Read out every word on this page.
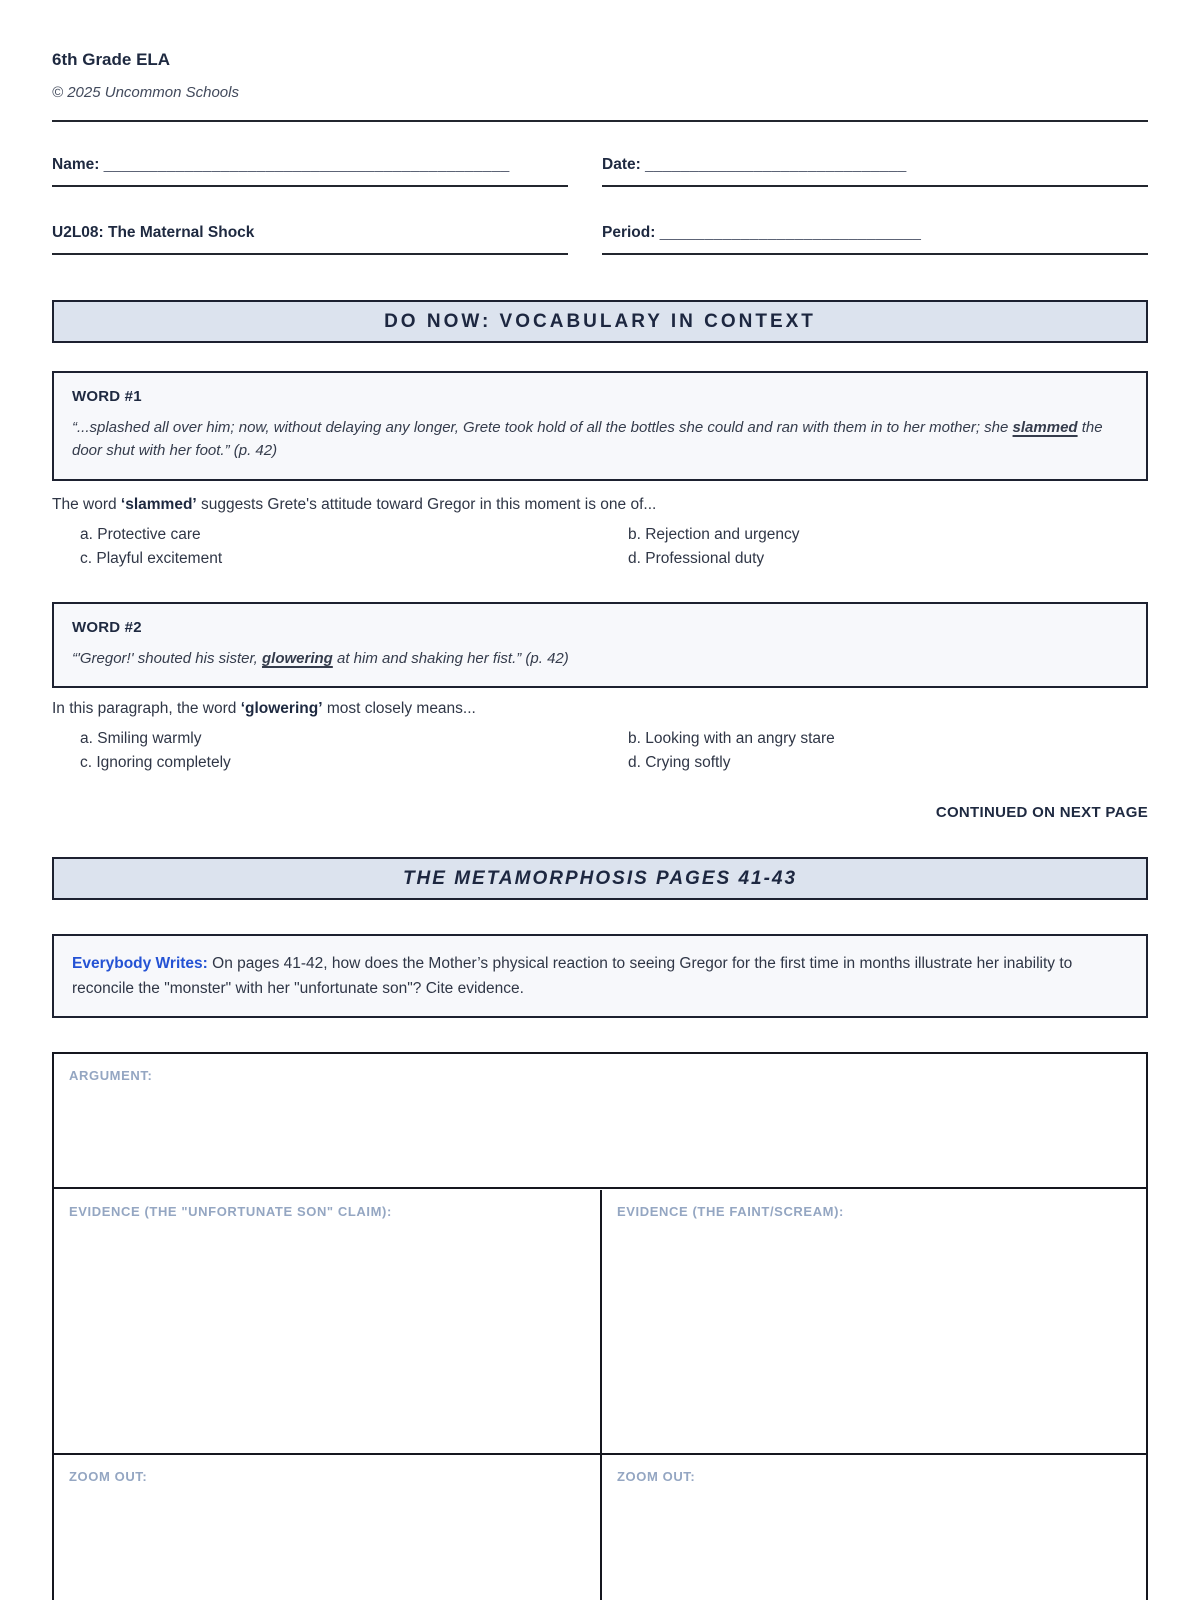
6th Grade ELA
© 2025 Uncommon Schools
Name: _____________________________________________	Date: _____________________________
U2L08: The Maternal Shock	Period: _____________________________
DO NOW: VOCABULARY IN CONTEXT
WORD #1
“...splashed all over him; now, without delaying any longer, Grete took hold of all the bottles she could and ran with them in to her mother; she slammed the door shut with her foot.” (p. 42)
The word ‘slammed’ suggests Grete's attitude toward Gregor in this moment is one of...
a. Protective care	b. Rejection and urgency
c. Playful excitement	d. Professional duty
WORD #2
“'Gregor!' shouted his sister, glowering at him and shaking her fist.” (p. 42)
In this paragraph, the word ‘glowering’ most closely means...
a. Smiling warmly	b. Looking with an angry stare
c. Ignoring completely	d. Crying softly
CONTINUED ON NEXT PAGE
THE METAMORPHOSIS PAGES 41-43
Everybody Writes: On pages 41-42, how does the Mother’s physical reaction to seeing Gregor for the first time in months illustrate her inability to reconcile the "monster" with her "unfortunate son"? Cite evidence.
ARGUMENT:
EVIDENCE (THE "UNFORTUNATE SON" CLAIM):	EVIDENCE (THE FAINT/SCREAM):
ZOOM OUT:	ZOOM OUT:
